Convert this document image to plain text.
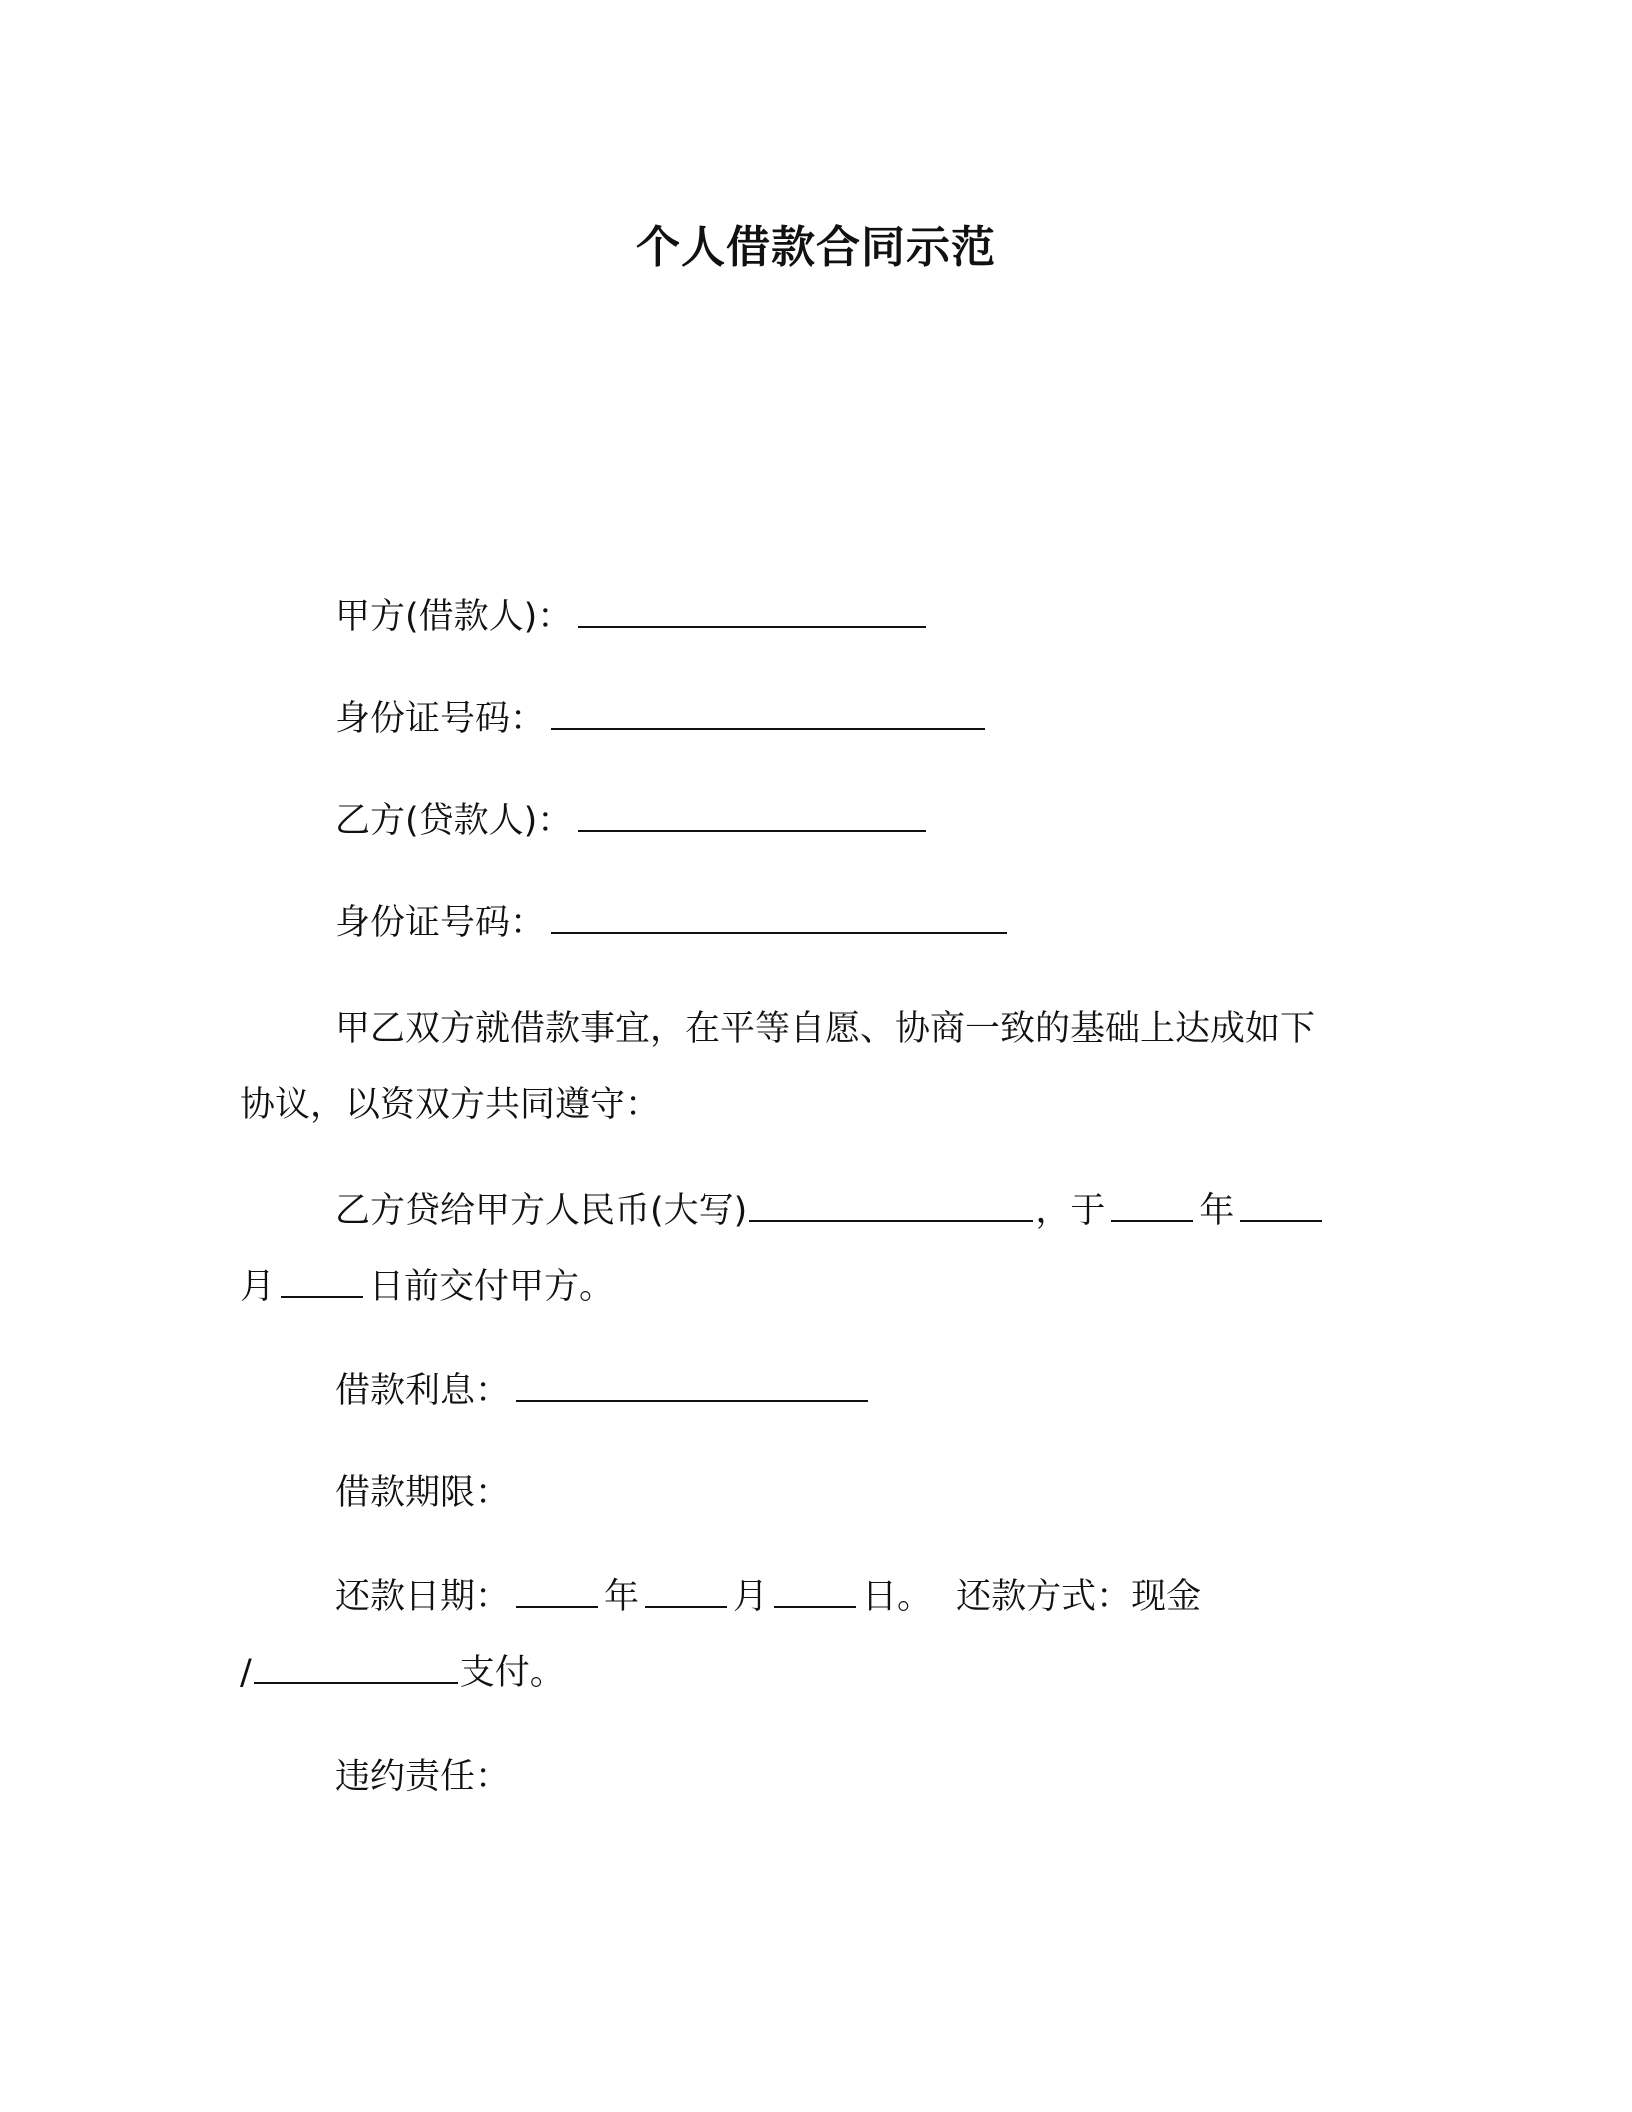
个人借款合同示范
甲方(借款人)：
身份证号码：
乙方(贷款人)：
身份证号码：
甲乙双方就借款事宜，在平等自愿、协商一致的基础上达成如下
协议，以资双方共同遵守：
乙方贷给甲方人民币(大写)	，于	年
月	日前交付甲方。
借款利息：
借款期限：
还款日期：	年	月	日。 还款方式：现金
/	支付。
违约责任：
